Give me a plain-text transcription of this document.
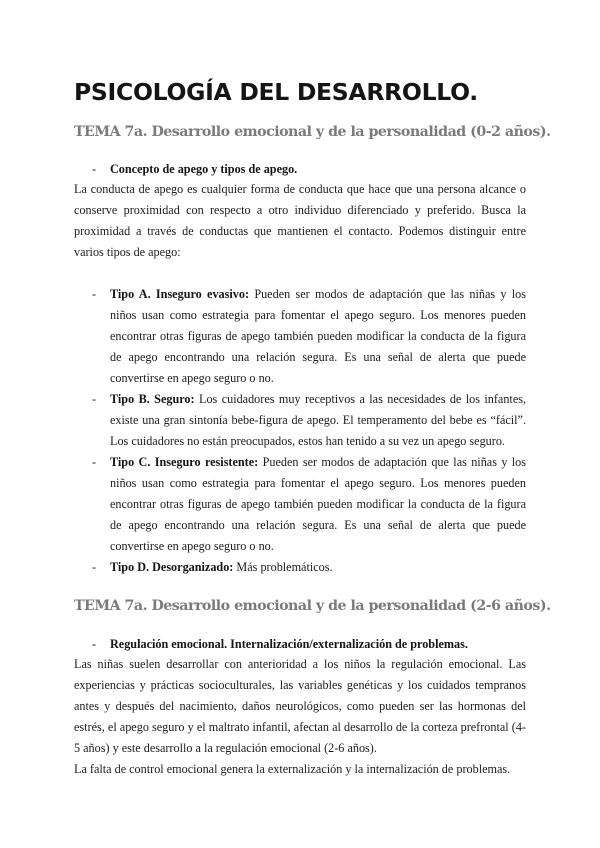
PSICOLOGÍA DEL DESARROLLO.
TEMA 7a. Desarrollo emocional y de la personalidad (0-2 años).
- Concepto de apego y tipos de apego.

La conducta de apego es cualquier forma de conducta que hace que una persona alcance o conserve proximidad con respecto a otro individuo diferenciado y preferido. Busca la proximidad a través de conductas que mantienen el contacto. Podemos distinguir entre varios tipos de apego:

- Tipo A. Inseguro evasivo: Pueden ser modos de adaptación que las niñas y los niños usan como estrategia para fomentar el apego seguro. Los menores pueden encontrar otras figuras de apego también pueden modificar la conducta de la figura de apego encontrando una relación segura. Es una señal de alerta que puede convertirse en apego seguro o no.
- Tipo B. Seguro: Los cuidadores muy receptivos a las necesidades de los infantes, existe una gran sintonía bebe-figura de apego. El temperamento del bebe es “fácil”. Los cuidadores no están preocupados, estos han tenido a su vez un apego seguro.
- Tipo C. Inseguro resistente: Pueden ser modos de adaptación que las niñas y los niños usan como estrategia para fomentar el apego seguro. Los menores pueden encontrar otras figuras de apego también pueden modificar la conducta de la figura de apego encontrando una relación segura. Es una señal de alerta que puede convertirse en apego seguro o no.
- Tipo D. Desorganizado: Más problemáticos.
TEMA 7a. Desarrollo emocional y de la personalidad (2-6 años).
- Regulación emocional. Internalización/externalización de problemas.

Las niñas suelen desarrollar con anterioridad a los niños la regulación emocional. Las experiencias y prácticas socioculturales, las variables genéticas y los cuidados tempranos antes y después del nacimiento, daños neurológicos, como pueden ser las hormonas del estrés, el apego seguro y el maltrato infantil, afectan al desarrollo de la corteza prefrontal (4-5 años) y este desarrollo a la regulación emocional (2-6 años).

La falta de control emocional genera la externalización y la internalización de problemas.
